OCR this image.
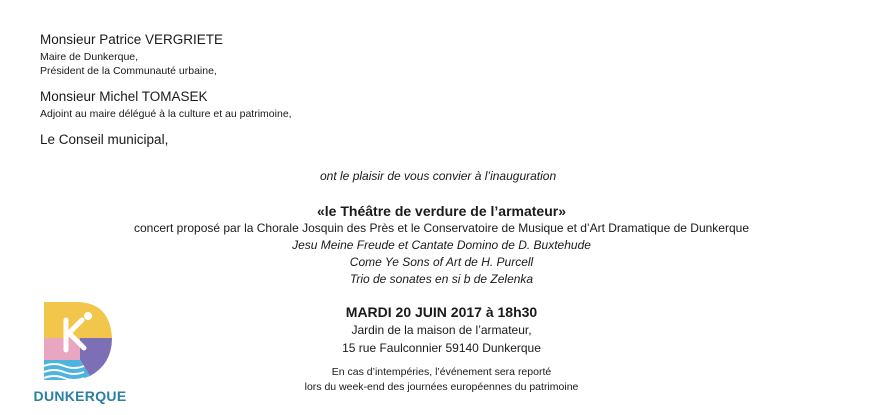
Monsieur Patrice VERGRIETE
Maire de Dunkerque,
Président de la Communauté urbaine,
Monsieur Michel TOMASEK
Adjoint au maire délégué à la culture et au patrimoine,
Le Conseil municipal,
ont le plaisir de vous convier à l’inauguration
«le Théâtre de verdure de l’armateur»
concert proposé par la Chorale Josquin des Près et le Conservatoire de Musique et d’Art Dramatique de Dunkerque
Jesu Meine Freude et Cantate Domino de D. Buxtehude
Come Ye Sons of Art de H. Purcell
Trio de sonates en si b de Zelenka
MARDI 20 JUIN 2017 à 18h30
Jardin de la maison de l’armateur,
15 rue Faulconnier 59140 Dunkerque
En cas d’intempéries, l’événement sera reporté
lors du week-end des journées européennes du patrimoine
DUNKERQUE
